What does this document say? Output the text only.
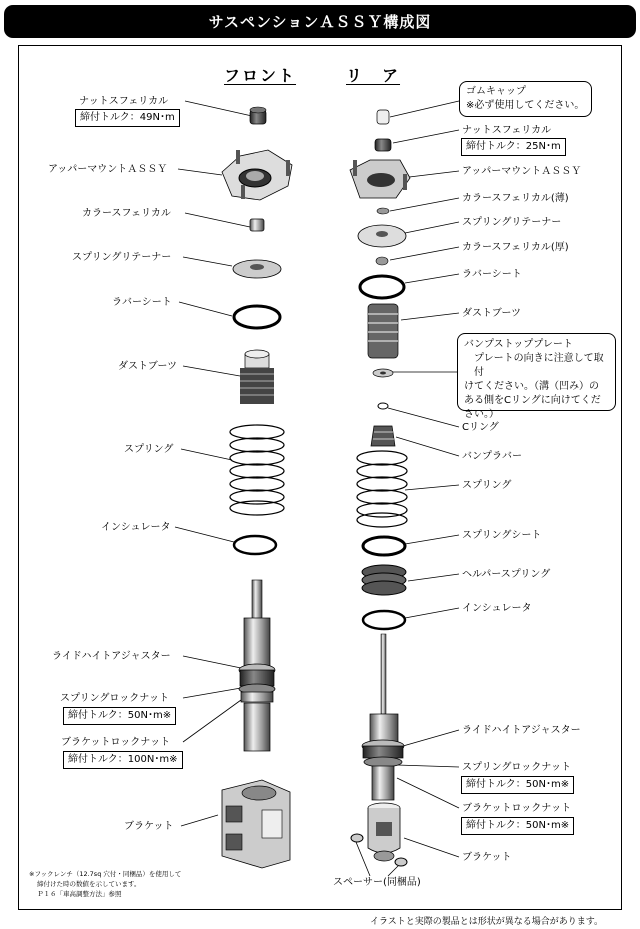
サスペンションＡＳＳＹ構成図
フロント	リ　ア
ナットスフェリカル
締付トルク：49N･m
アッパーマウントＡＳＳＹ
カラースフェリカル
スプリングリテーナー
ラバーシート
ダストブーツ
スプリング
インシュレータ
ライドハイトアジャスター
スプリングロックナット
締付トルク：50N･m※
ブラケットロックナット
締付トルク：100N･m※
ブラケット
ゴムキャップ
※必ず使用してください。
ナットスフェリカル
締付トルク：25N･m
アッパーマウントＡＳＳＹ
カラースフェリカル(薄)
スプリングリテーナー
カラースフェリカル(厚)
ラバーシート
ダストブーツ
バンプストッププレート
プレートの向きに注意して取付
けてください。（溝（凹み）の
ある側をCリングに向けてくだ
さい。）
Cリング
バンプラバー
スプリング
スプリングシート
ヘルパースプリング
インシュレータ
ライドハイトアジャスター
スプリングロックナット
締付トルク：50N･m※
ブラケットロックナット
締付トルク：50N･m※
ブラケット
スペーサー(同梱品)
※フックレンチ（12.7sq 穴付・同梱品）を使用して
締付けた時の数値を示しています。
Ｐ１６「車高調整方法」参照
イラストと実際の製品とは形状が異なる場合があります。
